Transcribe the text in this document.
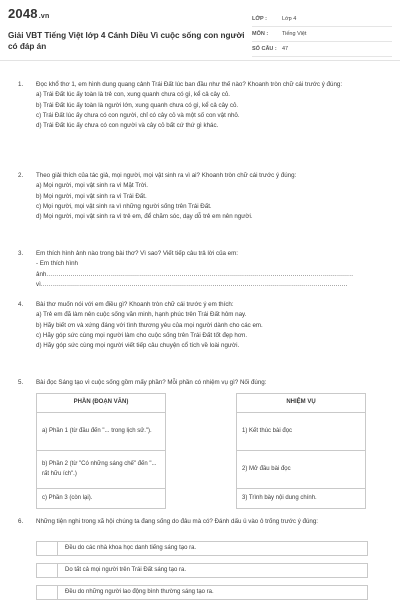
2048.vn
Giải VBT Tiếng Việt lớp 4 Cánh Diều Vì cuộc sống con người có đáp án
LỚP :	Lớp 4
MÔN :	Tiếng Việt
SỐ CÂU : 47
1. Đọc khổ thơ 1, em hình dung quang cảnh Trái Đất lúc ban đầu như thế nào? Khoanh tròn chữ cái trước ý đúng:
a) Trái Đất lúc ấy toàn là trẻ con, xung quanh chưa có gì, kể cả cây cỏ.
b) Trái Đất lúc ấy toàn là người lớn, xung quanh chưa có gì, kể cả cây cỏ.
c) Trái Đất lúc ấy chưa có con người, chỉ có cây cỏ và một số con vật nhỏ.
d) Trái Đất lúc ấy chưa có con người và cây cỏ bất cứ thứ gì khác.
2. Theo giải thích của tác giả, mọi người, mọi vật sinh ra vì ai? Khoanh tròn chữ cái trước ý đúng:
a) Mọi người, mọi vật sinh ra vì Mặt Trời.
b) Mọi người, mọi vật sinh ra vì Trái Đất.
c) Mọi người, mọi vật sinh ra vì những người sống trên Trái Đất.
d) Mọi người, mọi vật sinh ra vì trẻ em, để chăm sóc, dạy dỗ trẻ em nên người.
3. Em thích hình ảnh nào trong bài thơ? Vì sao? Viết tiếp câu trả lời của em:
- Em thích hình ảnh........................................................................................................................................................
vì........................................................................................................................................................
4. Bài thơ muốn nói với em điều gì? Khoanh tròn chữ cái trước ý em thích:
a) Trẻ em đã làm nên cuộc sống văn minh, hạnh phúc trên Trái Đất hôm nay.
b) Hãy biết ơn và xứng đáng với tình thương yêu của mọi người dành cho các em.
c) Hãy góp sức cùng mọi người làm cho cuộc sống trên Trái Đất tốt đẹp hơn.
d) Hãy góp sức cùng mọi người viết tiếp câu chuyện cổ tích về loài người.
5. Bài đọc Sáng tạo vì cuộc sống gồm mấy phần? Mỗi phần có nhiệm vụ gì? Nối đúng:
PHẦN (ĐOẠN VĂN)		NHIỆM VỤ
a) Phần 1 (từ đầu đến "... trong lịch sử.").		1) Kết thúc bài đọc
b) Phần 2 (từ "Có những sáng chế" đến "... rất hữu ích".)		2) Mở đầu bài đọc
c) Phần 3 (còn lại).		3) Trình bày nội dung chính.
6. Những tiện nghi trong xã hội chúng ta đang sống do đâu mà có? Đánh dấu ü vào ô trống trước ý đúng:
Đều do các nhà khoa học danh tiếng sáng tạo ra.
Do tất cả mọi người trên Trái Đất sáng tạo ra.
Đều do những người lao động bình thường sáng tạo ra.
